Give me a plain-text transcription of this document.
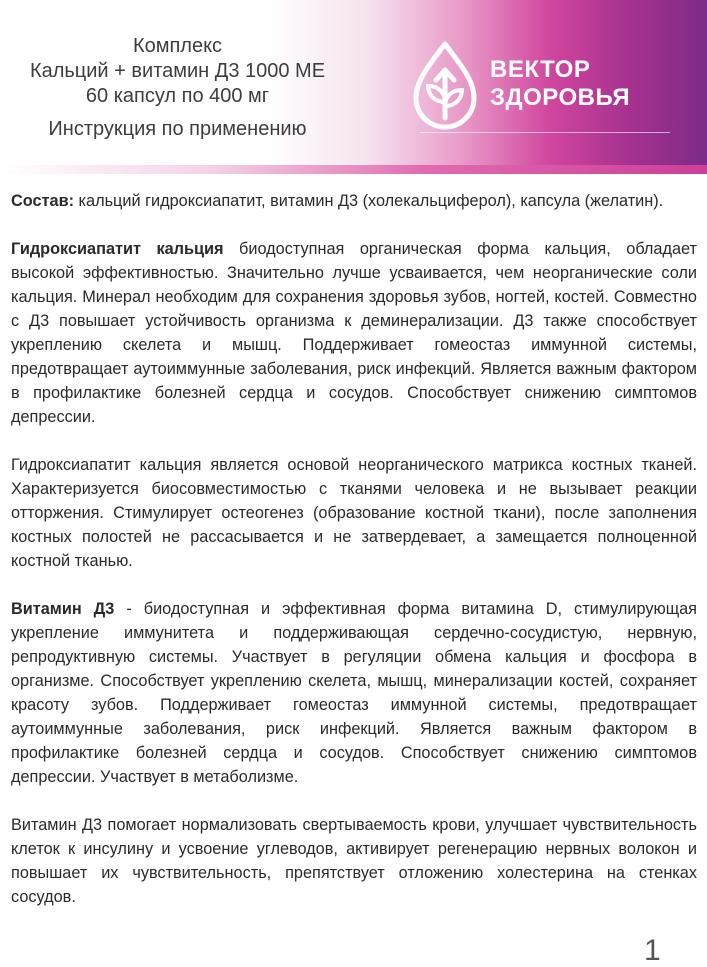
Комплекс
Кальций + витамин Д3 1000 МЕ
60 капсул по 400 мг
Инструкция по применению
ВЕКТОР
ЗДОРОВЬЯ

Состав: кальций гидроксиапатит, витамин Д3 (холекальциферол), капсула (желатин).

Гидроксиапатит кальция биодоступная органическая форма кальция, обладает высокой эффективностью. Значительно лучше усваивается, чем неорганические соли кальция. Минерал необходим для сохранения здоровья зубов, ногтей, костей. Совместно с Д3 повышает устойчивость организма к деминерализации. Д3 также способствует укреплению скелета и мышц. Поддерживает гомеостаз иммунной системы, предотвращает аутоиммунные заболевания, риск инфекций. Является важным фактором в профилактике болезней сердца и сосудов. Способствует снижению симптомов депрессии.

Гидроксиапатит кальция является основой неорганического матрикса костных тканей. Характеризуется биосовместимостью с тканями человека и не вызывает реакции отторжения. Стимулирует остеогенез (образование костной ткани), после заполнения костных полостей не рассасывается и не затвердевает, а замещается полноценной костной тканью.

Витамин Д3 - биодоступная и эффективная форма витамина D, стимулирующая укрепление иммунитета и поддерживающая сердечно-сосудистую, нервную, репродуктивную системы. Участвует в регуляции обмена кальция и фосфора в организме. Способствует укреплению скелета, мышц, минерализации костей, сохраняет красоту зубов. Поддерживает гомеостаз иммунной системы, предотвращает аутоиммунные заболевания, риск инфекций. Является важным фактором в профилактике болезней сердца и сосудов. Способствует снижению симптомов депрессии. Участвует в метаболизме.

Витамин Д3 помогает нормализовать свертываемость крови, улучшает чувствительность клеток к инсулину и усвоение углеводов, активирует регенерацию нервных волокон и повышает их чувствительность, препятствует отложению холестерина на стенках сосудов.

1
